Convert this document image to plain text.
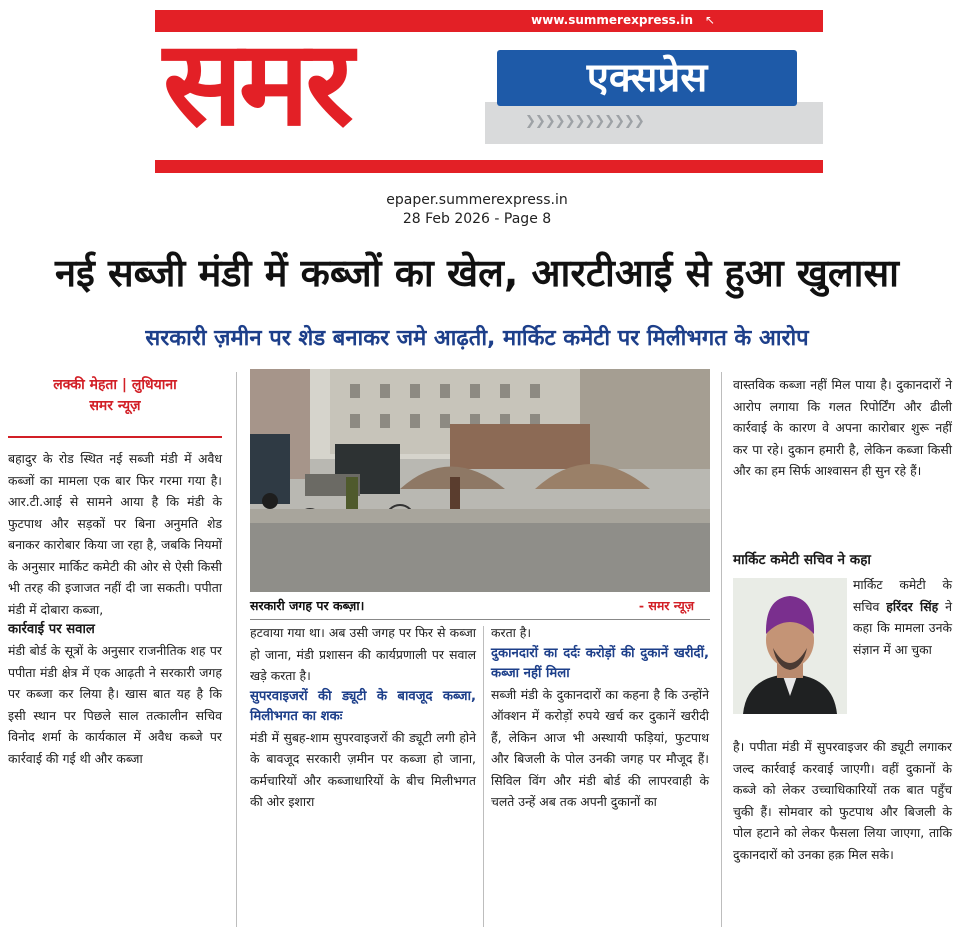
www.summerexpress.in ↖
❯❯❯❯❯❯❯❯❯❯❯❯
समर	एक्सप्रेस
epaper.summerexpress.in
28 Feb 2026 - Page 8
नई सब्जी मंडी में कब्जों का खेल, आरटीआई से हुआ खुलासा
सरकारी ज़मीन पर शेड बनाकर जमे आढ़ती, मार्किट कमेटी पर मिलीभगत के आरोप
लक्की मेहता | लुधियाना
समर न्यूज़

बहादुर के रोड स्थित नई सब्जी मंडी में अवैध कब्जों का मामला एक बार फिर गरमा गया है। आर.टी.आई से सामने आया है कि मंडी के फुटपाथ और सड़कों पर बिना अनुमति शेड बनाकर कारोबार किया जा रहा है, जबकि नियमों के अनुसार मार्किट कमेटी की ओर से ऐसी किसी भी तरह की इजाजत नहीं दी जा सकती। पपीता मंडी में दोबारा कब्जा,

कार्रवाई पर सवाल

मंडी बोर्ड के सूत्रों के अनुसार राजनीतिक शह पर पपीता मंडी क्षेत्र में एक आढ़ती ने सरकारी जगह पर कब्जा कर लिया है। खास बात यह है कि इसी स्थान पर पिछले साल तत्कालीन सचिव विनोद शर्मा के कार्यकाल में अवैध कब्जे पर कार्रवाई की गई थी और कब्जा

सरकारी जगह पर कब्ज़ा।	- समर न्यूज़

हटवाया गया था। अब उसी जगह पर फिर से कब्जा हो जाना, मंडी प्रशासन की कार्यप्रणाली पर सवाल खड़े करता है।

सुपरवाइजरों की ड्यूटी के बावजूद कब्जा, मिलीभगत का शकः

मंडी में सुबह-शाम सुपरवाइजरों की ड्यूटी लगी होने के बावजूद सरकारी ज़मीन पर कब्जा हो जाना, कर्मचारियों और कब्जाधारियों के बीच मिलीभगत की ओर इशारा

करता है।

दुकानदारों का दर्दः करोड़ों की दुकानें खरीदीं, कब्जा नहीं मिला

सब्जी मंडी के दुकानदारों का कहना है कि उन्होंने ऑक्शन में करोड़ों रुपये खर्च कर दुकानें खरीदी हैं, लेकिन आज भी अस्थायी फड़ियां, फुटपाथ और बिजली के पोल उनकी जगह पर मौजूद हैं। सिविल विंग और मंडी बोर्ड की लापरवाही के चलते उन्हें अब तक अपनी दुकानों का

वास्तविक कब्जा नहीं मिल पाया है। दुकानदारों ने आरोप लगाया कि गलत रिपोर्टिंग और ढीली कार्रवाई के कारण वे अपना कारोबार शुरू नहीं कर पा रहे। दुकान हमारी है, लेकिन कब्जा किसी और का हम सिर्फ आश्वासन ही सुन रहे हैं।

मार्किट कमेटी सचिव ने कहा

मार्किट कमेटी के सचिव हरिंदर सिंह ने कहा कि मामला उनके संज्ञान में आ चुका

है। पपीता मंडी में सुपरवाइजर की ड्यूटी लगाकर जल्द कार्रवाई करवाई जाएगी। वहीं दुकानों के कब्जे को लेकर उच्चाधिकारियों तक बात पहुँच चुकी हैं। सोमवार को फुटपाथ और बिजली के पोल हटाने को लेकर फैसला लिया जाएगा, ताकि दुकानदारों को उनका हक़ मिल सके।
